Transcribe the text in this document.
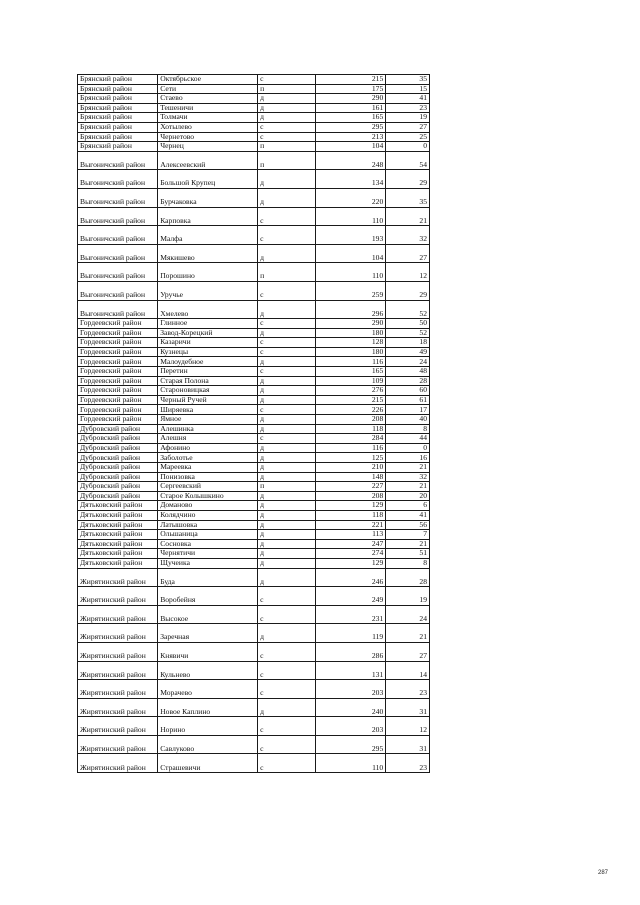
Брянский район	Октябрьское	с	215	35
Брянский район	Сети	п	175	15
Брянский район	Стаево	д	290	41
Брянский район	Тешеничи	д	161	23
Брянский район	Толмачи	д	165	19
Брянский район	Хотылево	с	295	27
Брянский район	Чернетово	с	213	25
Брянский район	Чернец	п	104	0
Выгоничский район	Алексеевский	п	248	54
Выгоничский район	Большой Крупец	д	134	29
Выгоничский район	Бурчаковка	д	220	35
Выгоничский район	Карповка	с	110	21
Выгоничский район	Малфа	с	193	32
Выгоничский район	Мякишево	д	104	27
Выгоничский район	Порошино	п	110	12
Выгоничский район	Уручье	с	259	29
Выгоничский район	Хмелево	д	296	52
Гордеевский район	Глинное	с	290	50
Гордеевский район	Завод-Корецкий	д	180	52
Гордеевский район	Казаричи	с	128	18
Гордеевский район	Кузнецы	с	180	49
Гордеевский район	Малоудебное	д	116	24
Гордеевский район	Перетин	с	165	48
Гордеевский район	Старая Полона	д	109	28
Гордеевский район	Староновицкая	д	276	60
Гордеевский район	Черный Ручей	д	215	61
Гордеевский район	Ширяевка	с	226	17
Гордеевский район	Ямное	д	208	40
Дубровский район	Алешинка	д	118	8
Дубровский район	Алешня	с	284	44
Дубровский район	Афонино	д	116	0
Дубровский район	Заболотье	д	125	16
Дубровский район	Мареевка	д	210	21
Дубровский район	Понизовка	д	148	32
Дубровский район	Сергеевский	п	227	21
Дубровский район	Старое Колышкино	д	208	20
Дятьковский район	Доманово	д	129	6
Дятьковский район	Колядчино	д	118	41
Дятьковский район	Латышовка	д	221	56
Дятьковский район	Ольшаница	д	113	7
Дятьковский район	Сосновка	д	247	21
Дятьковский район	Чернятичи	д	274	51
Дятьковский район	Щучеика	д	129	8
Жирятинский район	Буда	д	246	28
Жирятинский район	Воробейня	с	249	19
Жирятинский район	Высокое	с	231	24
Жирятинский район	Заречная	д	119	21
Жирятинский район	Княвичи	с	286	27
Жирятинский район	Кульнево	с	131	14
Жирятинский район	Морачево	с	203	23
Жирятинский район	Новое Каплино	д	240	31
Жирятинский район	Норино	с	203	12
Жирятинский район	Савлуково	с	295	31
Жирятинский район	Страшевичи	с	110	23
287
